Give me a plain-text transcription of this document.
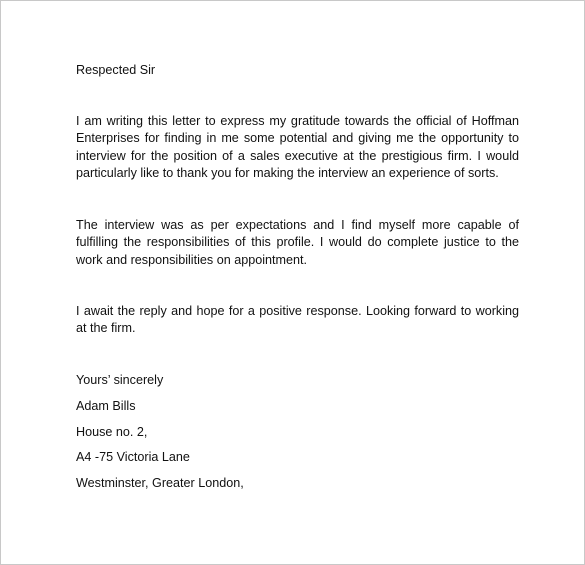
Respected Sir

I am writing this letter to express my gratitude towards the official of Hoffman Enterprises for finding in me some potential and giving me the opportunity to interview for the position of a sales executive at the prestigious firm. I would particularly like to thank you for making the interview an experience of sorts.

The interview was as per expectations and I find myself more capable of fulfilling the responsibilities of this profile. I would do complete justice to the work and responsibilities on appointment.

I await the reply and hope for a positive response. Looking forward to working at the firm.

Yours’ sincerely

Adam Bills

House no. 2,

A4 -75 Victoria Lane

Westminster, Greater London,
